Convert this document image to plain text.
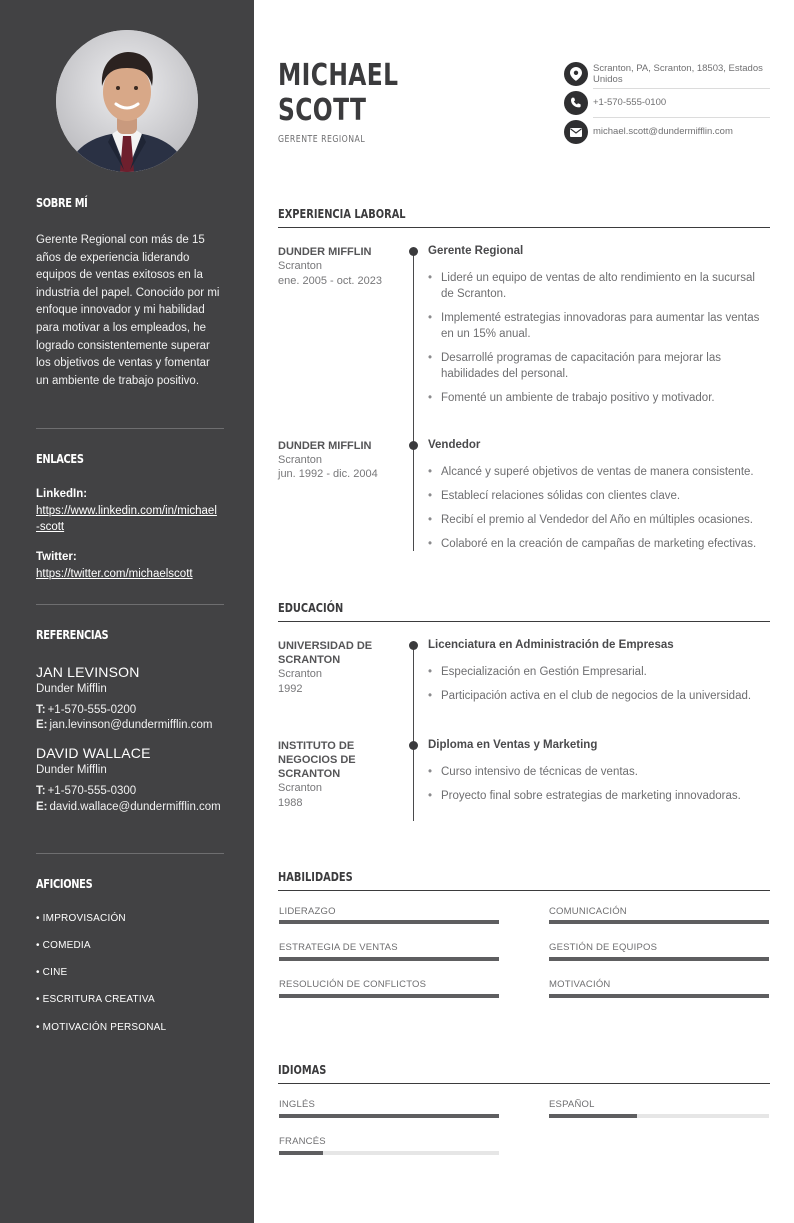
SOBRE MÍ

Gerente Regional con más de 15 años de experiencia liderando equipos de ventas exitosos en la industria del papel. Conocido por mi enfoque innovador y mi habilidad para motivar a los empleados, he logrado consistentemente superar los objetivos de ventas y fomentar un ambiente de trabajo positivo.

ENLACES
LinkedIn:
https://www.linkedin.com/in/michael-scott
Twitter:
https://twitter.com/michaelscott
REFERENCIAS
JAN LEVINSON
Dunder Mifflin
T: +1-570-555-0200
E: jan.levinson@dundermifflin.com
DAVID WALLACE
Dunder Mifflin
T: +1-570-555-0300
E: david.wallace@dundermifflin.com
AFICIONES
• IMPROVISACIÓN
• COMEDIA
• CINE
• ESCRITURA CREATIVA
• MOTIVACIÓN PERSONAL
MICHAEL
SCOTT
GERENTE REGIONAL
Scranton, PA, Scranton, 18503, Estados Unidos
+1-570-555-0100
michael.scott@dundermifflin.com
EXPERIENCIA LABORAL
DUNDER MIFFLIN
Scranton
ene. 2005 - oct. 2023
Gerente Regional
• Lideré un equipo de ventas de alto rendimiento en la sucursal de Scranton.
• Implementé estrategias innovadoras para aumentar las ventas en un 15% anual.
• Desarrollé programas de capacitación para mejorar las habilidades del personal.
• Fomenté un ambiente de trabajo positivo y motivador.
DUNDER MIFFLIN
Scranton
jun. 1992 - dic. 2004
Vendedor
• Alcancé y superé objetivos de ventas de manera consistente.
• Establecí relaciones sólidas con clientes clave.
• Recibí el premio al Vendedor del Año en múltiples ocasiones.
• Colaboré en la creación de campañas de marketing efectivas.
EDUCACIÓN
UNIVERSIDAD DE SCRANTON
Scranton
1992
Licenciatura en Administración de Empresas
• Especialización en Gestión Empresarial.
• Participación activa en el club de negocios de la universidad.
INSTITUTO DE NEGOCIOS DE SCRANTON
Scranton
1988
Diploma en Ventas y Marketing
• Curso intensivo de técnicas de ventas.
• Proyecto final sobre estrategias de marketing innovadoras.
HABILIDADES
LIDERAZGO	COMUNICACIÓN
ESTRATEGIA DE VENTAS	GESTIÓN DE EQUIPOS
RESOLUCIÓN DE CONFLICTOS	MOTIVACIÓN
IDIOMAS
INGLÉS	ESPAÑOL
FRANCÉS
